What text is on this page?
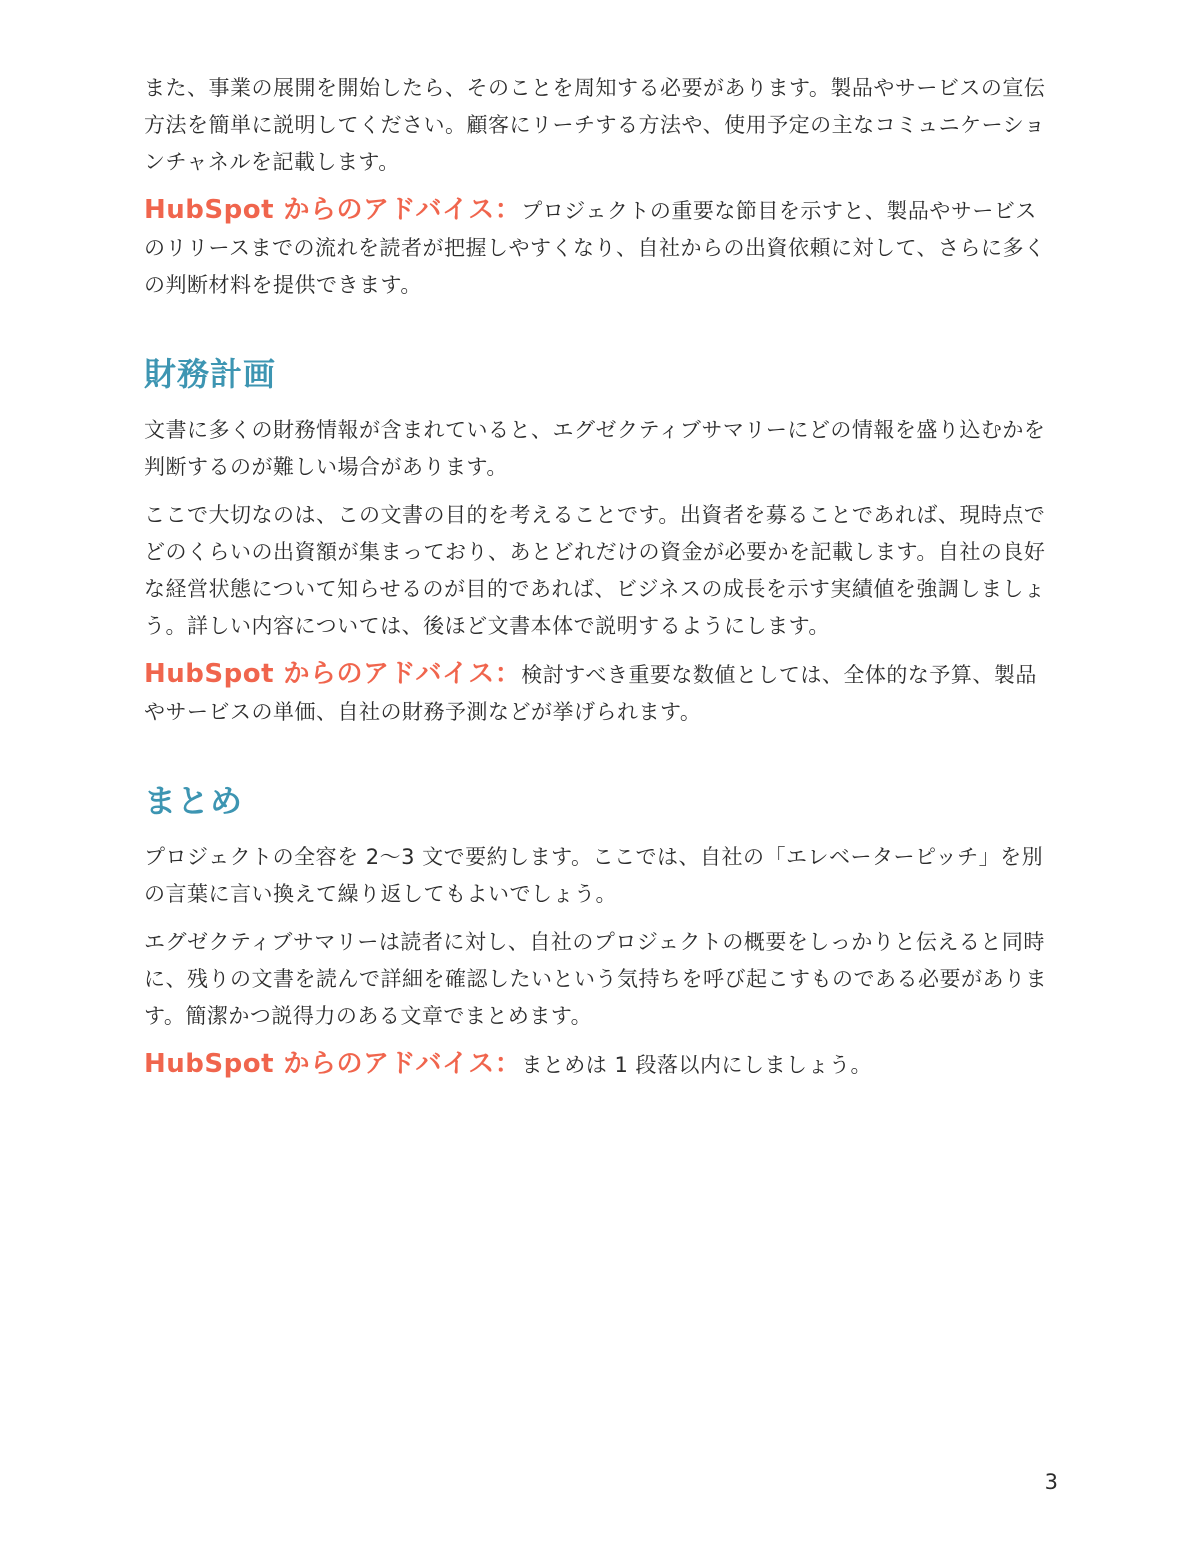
また、事業の展開を開始したら、そのことを周知する必要があります。製品やサービスの宣伝方法を簡単に説明してください。顧客にリーチする方法や、使用予定の主なコミュニケーションチャネルを記載します。

HubSpot からのアドバイス：プロジェクトの重要な節目を示すと、製品やサービスのリリースまでの流れを読者が把握しやすくなり、自社からの出資依頼に対して、さらに多くの判断材料を提供できます。

財務計画

文書に多くの財務情報が含まれていると、エグゼクティブサマリーにどの情報を盛り込むかを判断するのが難しい場合があります。

ここで大切なのは、この文書の目的を考えることです。出資者を募ることであれば、現時点でどのくらいの出資額が集まっており、あとどれだけの資金が必要かを記載します。自社の良好な経営状態について知らせるのが目的であれば、ビジネスの成長を示す実績値を強調しましょう。詳しい内容については、後ほど文書本体で説明するようにします。

HubSpot からのアドバイス：検討すべき重要な数値としては、全体的な予算、製品やサービスの単価、自社の財務予測などが挙げられます。

まとめ

プロジェクトの全容を 2〜3 文で要約します。ここでは、自社の「エレベーターピッチ」を別の言葉に言い換えて繰り返してもよいでしょう。

エグゼクティブサマリーは読者に対し、自社のプロジェクトの概要をしっかりと伝えると同時に、残りの文書を読んで詳細を確認したいという気持ちを呼び起こすものである必要があります。簡潔かつ説得力のある文章でまとめます。

HubSpot からのアドバイス：まとめは 1 段落以内にしましょう。

3
